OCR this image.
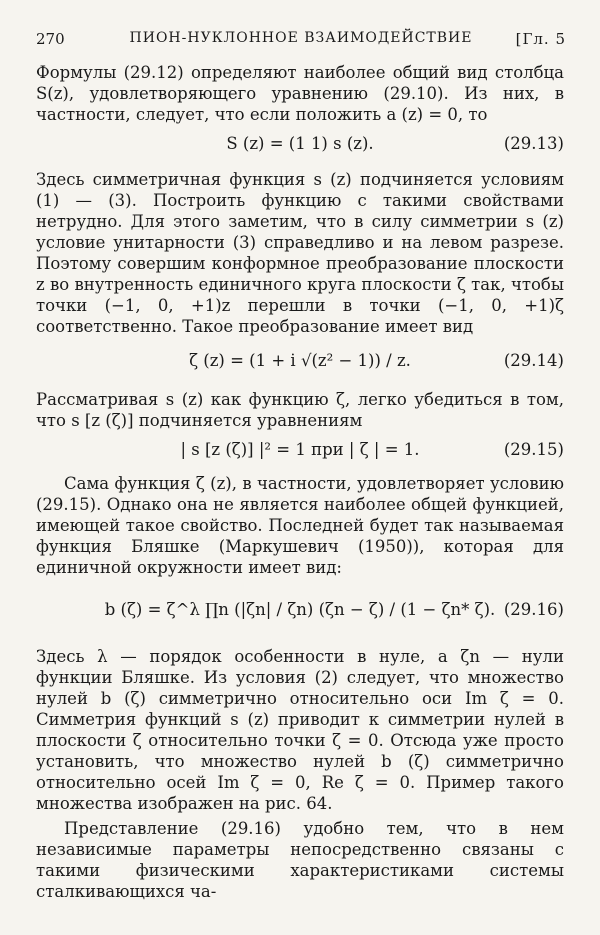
270	ПИОН-НУКЛОННОЕ ВЗАИМОДЕЙСТВИЕ	[Гл. 5

Формулы (29.12) определяют наиболее общий вид столбца S(z), удовлетворяющего уравнению (29.10). Из них, в частности, следует, что если положить a (z) = 0, то

S (z) = (1 1) s (z).	(29.13)

Здесь симметричная функция s (z) подчиняется условиям (1) — (3). Построить функцию с такими свойствами нетрудно. Для этого заметим, что в силу симметрии s (z) условие унитарности (3) справедливо и на левом разрезе. Поэтому совершим конформное преобразование плоскости z во внутренность единичного круга плоскости ζ так, чтобы точки (−1, 0, +1)z перешли в точки (−1, 0, +1)ζ соответственно. Такое преобразование имеет вид

ζ (z) = (1 + i √(z² − 1)) / z.	(29.14)

Рассматривая s (z) как функцию ζ, легко убедиться в том, что s [z (ζ)] подчиняется уравнениям

| s [z (ζ)] |² = 1 при | ζ | = 1.	(29.15)

Сама функция ζ (z), в частности, удовлетворяет условию (29.15). Однако она не является наиболее общей функцией, имеющей такое свойство. Последней будет так называемая функция Бляшке (Маркушевич (1950)), которая для единичной окружности имеет вид:

b (ζ) = ζ^λ ∏n (|ζn| / ζn) (ζn − ζ) / (1 − ζn* ζ). (29.16)

Здесь λ — порядок особенности в нуле, а ζn — нули функции Бляшке. Из условия (2) следует, что множество нулей b (ζ) симметрично относительно оси Im ζ = 0. Симметрия функций s (z) приводит к симметрии нулей в плоскости ζ относительно точки ζ = 0. Отсюда уже просто установить, что множество нулей b (ζ) симметрично относительно осей Im ζ = 0, Re ζ = 0. Пример такого множества изображен на рис. 64.

Представление (29.16) удобно тем, что в нем независимые параметры непосредственно связаны с такими физическими характеристиками системы сталкивающихся ча-
